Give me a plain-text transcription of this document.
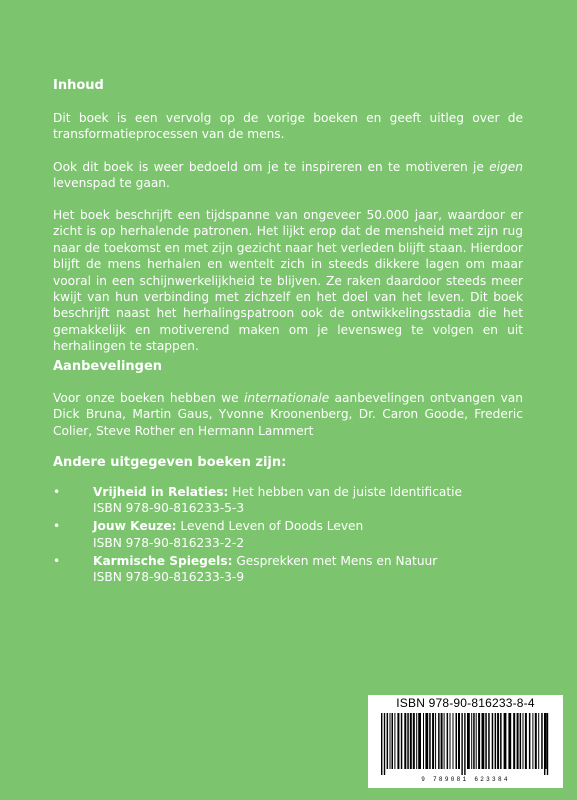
Inhoud
Dit boek is een vervolg op de vorige boeken en geeft uitleg over de transformatieprocessen van de mens.
Ook dit boek is weer bedoeld om je te inspireren en te motiveren je eigen levenspad te gaan.
Het boek beschrijft een tijdspanne van ongeveer 50.000 jaar, waardoor er zicht is op herhalende patronen. Het lijkt erop dat de mensheid met zijn rug naar de toekomst en met zijn gezicht naar het verleden blijft staan. Hierdoor blijft de mens herhalen en wentelt zich in steeds dikkere lagen om maar vooral in een schijnwerkelijkheid te blijven. Ze raken daardoor steeds meer kwijt van hun verbinding met zichzelf en het doel van het leven. Dit boek beschrijft naast het herhalingspatroon ook de ontwikkelingsstadia die het gemakkelijk en motiverend maken om je levensweg te volgen en uit herhalingen te stappen.
Aanbevelingen
Voor onze boeken hebben we internationale aanbevelingen ontvangen van Dick Bruna, Martin Gaus, Yvonne Kroonenberg, Dr. Caron Goode, Frederic Colier, Steve Rother en Hermann Lammert
Andere uitgegeven boeken zijn:
•	Vrijheid in Relaties: Het hebben van de juiste Identificatie
ISBN 978-90-816233-5-3
•	Jouw Keuze: Levend Leven of Doods Leven
ISBN 978-90-816233-2-2
•	Karmische Spiegels: Gesprekken met Mens en Natuur
ISBN 978-90-816233-3-9
ISBN 978-90-816233-8-4
9 789081 623384
